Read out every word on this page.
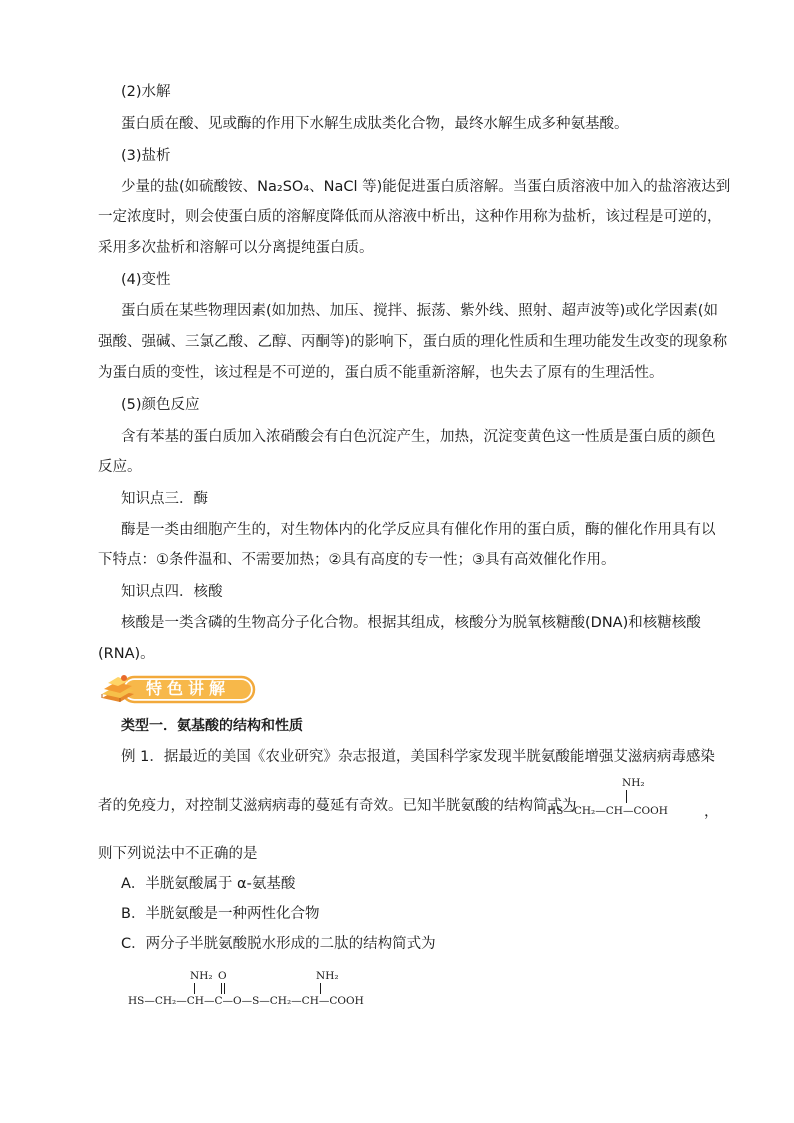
(2)水解
蛋白质在酸、见或酶的作用下水解生成肽类化合物，最终水解生成多种氨基酸。
(3)盐析
少量的盐(如硫酸铵、Na₂SO₄、NaCl 等)能促进蛋白质溶解。当蛋白质溶液中加入的盐溶液达到
一定浓度时，则会使蛋白质的溶解度降低而从溶液中析出，这种作用称为盐析，该过程是可逆的，
采用多次盐析和溶解可以分离提纯蛋白质。
(4)变性
蛋白质在某些物理因素(如加热、加压、搅拌、振荡、紫外线、照射、超声波等)或化学因素(如
强酸、强碱、三氯乙酸、乙醇、丙酮等)的影响下，蛋白质的理化性质和生理功能发生改变的现象称
为蛋白质的变性，该过程是不可逆的，蛋白质不能重新溶解，也失去了原有的生理活性。
(5)颜色反应
含有苯基的蛋白质加入浓硝酸会有白色沉淀产生，加热，沉淀变黄色这一性质是蛋白质的颜色
反应。
知识点三．酶
酶是一类由细胞产生的，对生物体内的化学反应具有催化作用的蛋白质，酶的催化作用具有以
下特点：①条件温和、不需要加热；②具有高度的专一性；③具有高效催化作用。
知识点四．核酸
核酸是一类含磷的生物高分子化合物。根据其组成，核酸分为脱氧核糖酸(DNA)和核糖核酸
(RNA)。
特色讲解
类型一．氨基酸的结构和性质
例 1．据最近的美国《农业研究》杂志报道，美国科学家发现半胱氨酸能增强艾滋病病毒感染
者的免疫力，对控制艾滋病病毒的蔓延有奇效。已知半胱氨酸的结构简式为
NH₂
HS—CH₂—CH—COOH ，
则下列说法中不正确的是
A．半胱氨酸属于 α-氨基酸
B．半胱氨酸是一种两性化合物
C．两分子半胱氨酸脱水形成的二肽的结构简式为
NH₂ O	NH₂
HS—CH₂—CH—C—O—S—CH₂—CH—COOH
